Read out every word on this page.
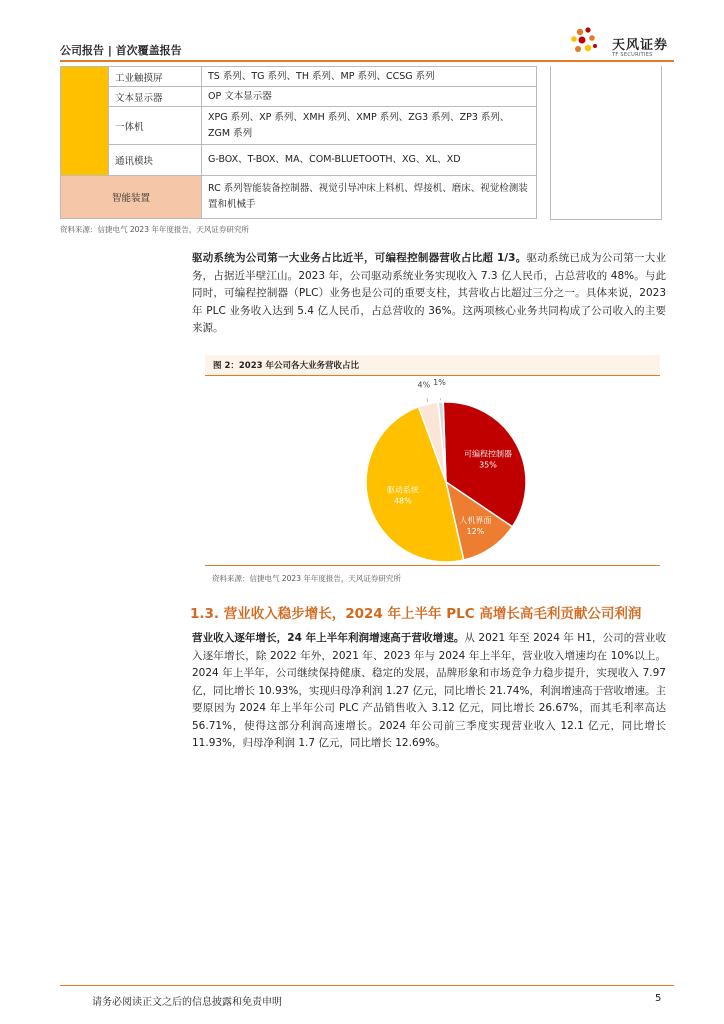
公司报告 | 首次覆盖报告	天风证券
TF SECURITIES
	工业触摸屏	TS 系列、TG 系列、TH 系列、MP 系列、CCSG 系列
	文本显示器	OP 文本显示器
	一体机	XPG 系列、XP 系列、XMH 系列、XMP 系列、ZG3 系列、ZP3 系列、ZGM 系列
	通讯模块	G-BOX、T-BOX、MA、COM-BLUETOOTH、XG、XL、XD
智能装置		RC 系列智能装备控制器、视觉引导冲床上料机、焊接机、磨床、视觉检测装置和机械手
资料来源：信捷电气 2023 年年度报告，天风证券研究所
驱动系统为公司第一大业务占比近半，可编程控制器营收占比超 1/3。驱动系统已成为公司第一大业务，占据近半壁江山。2023 年，公司驱动系统业务实现收入 7.3 亿人民币，占总营收的 48%。与此同时，可编程控制器（PLC）业务也是公司的重要支柱，其营收占比超过三分之一。具体来说，2023 年 PLC 业务收入达到 5.4 亿人民币，占总营收的 36%。这两项核心业务共同构成了公司收入的主要来源。
图 2：2023 年公司各大业务营收占比
可编程控制器
35%
人机界面
12%
驱动系统
48%
4% 1%
资料来源：信捷电气 2023 年年度报告，天风证券研究所
1.3. 营业收入稳步增长，2024 年上半年 PLC 高增长高毛利贡献公司利润
营业收入逐年增长，24 年上半年利润增速高于营收增速。从 2021 年至 2024 年 H1，公司的营业收入逐年增长，除 2022 年外，2021 年、2023 年与 2024 年上半年，营业收入增速均在 10%以上。2024 年上半年，公司继续保持健康、稳定的发展，品牌形象和市场竞争力稳步提升，实现收入 7.97 亿，同比增长 10.93%，实现归母净利润 1.27 亿元，同比增长 21.74%，利润增速高于营收增速。主要原因为 2024 年上半年公司 PLC 产品销售收入 3.12 亿元，同比增长 26.67%，而其毛利率高达 56.71%，使得这部分利润高速增长。2024 年公司前三季度实现营业收入 12.1 亿元，同比增长 11.93%，归母净利润 1.7 亿元，同比增长 12.69%。
请务必阅读正文之后的信息披露和免责申明	5
